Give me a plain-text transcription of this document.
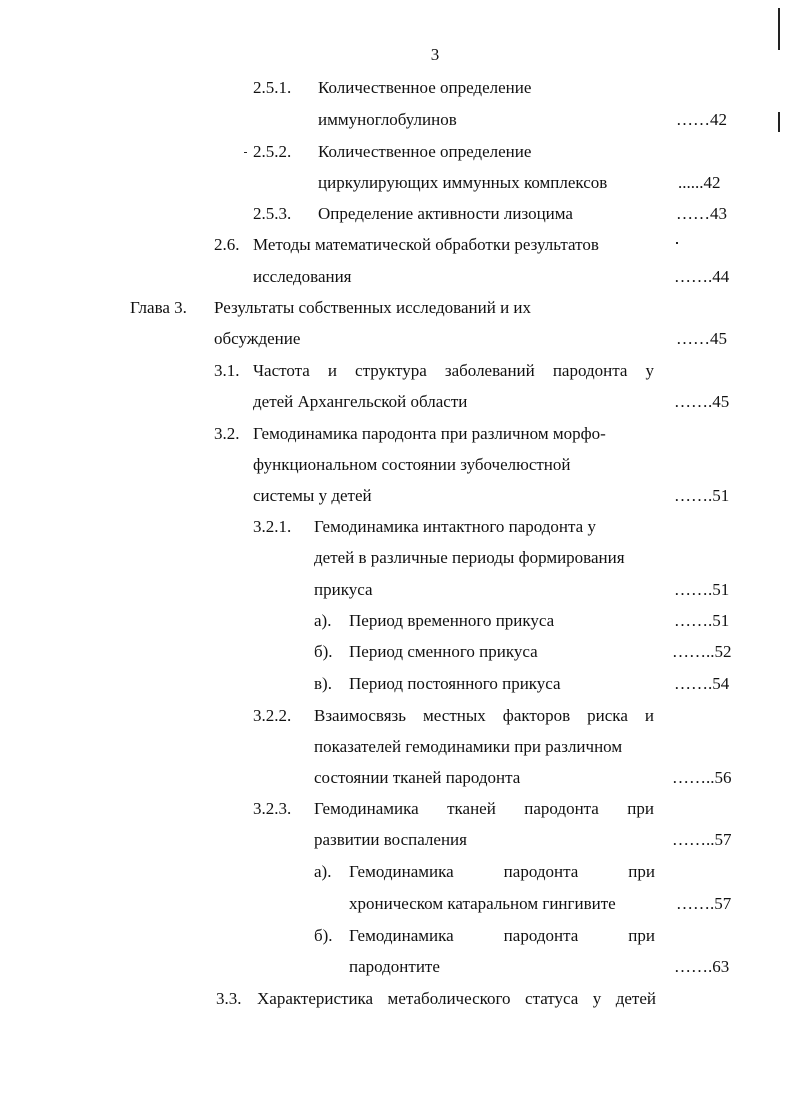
3
2.5.1. Количественное определение
иммуноглобулинов	……42
2.5.2. Количественное определение
циркулирующих иммунных комплексов	......42
2.5.3. Определение активности лизоцима	……43
2.6. Методы математической обработки результатов
исследования	…….44
Глава 3. Результаты собственных исследований и их
обсуждение	……45
3.1. Частота и структура заболеваний пародонта у
детей Архангельской области	…….45
3.2. Гемодинамика пародонта при различном морфо-
функциональном состоянии зубочелюстной
системы у детей	…….51
3.2.1. Гемодинамика интактного пародонта у
детей в различные периоды формирования
прикуса	…….51
а). Период временного прикуса	…….51
б). Период сменного прикуса	……..52
в). Период постоянного прикуса	…….54
3.2.2. Взаимосвязь местных факторов риска и
показателей гемодинамики при различном
состоянии тканей пародонта	……..56
3.2.3. Гемодинамика тканей пародонта при
развитии воспаления	……..57
а). Гемодинамика пародонта при
хроническом катаральном гингивите	…….57
б). Гемодинамика пародонта при
пародонтите	…….63
3.3. Характеристика метаболического статуса у детей
